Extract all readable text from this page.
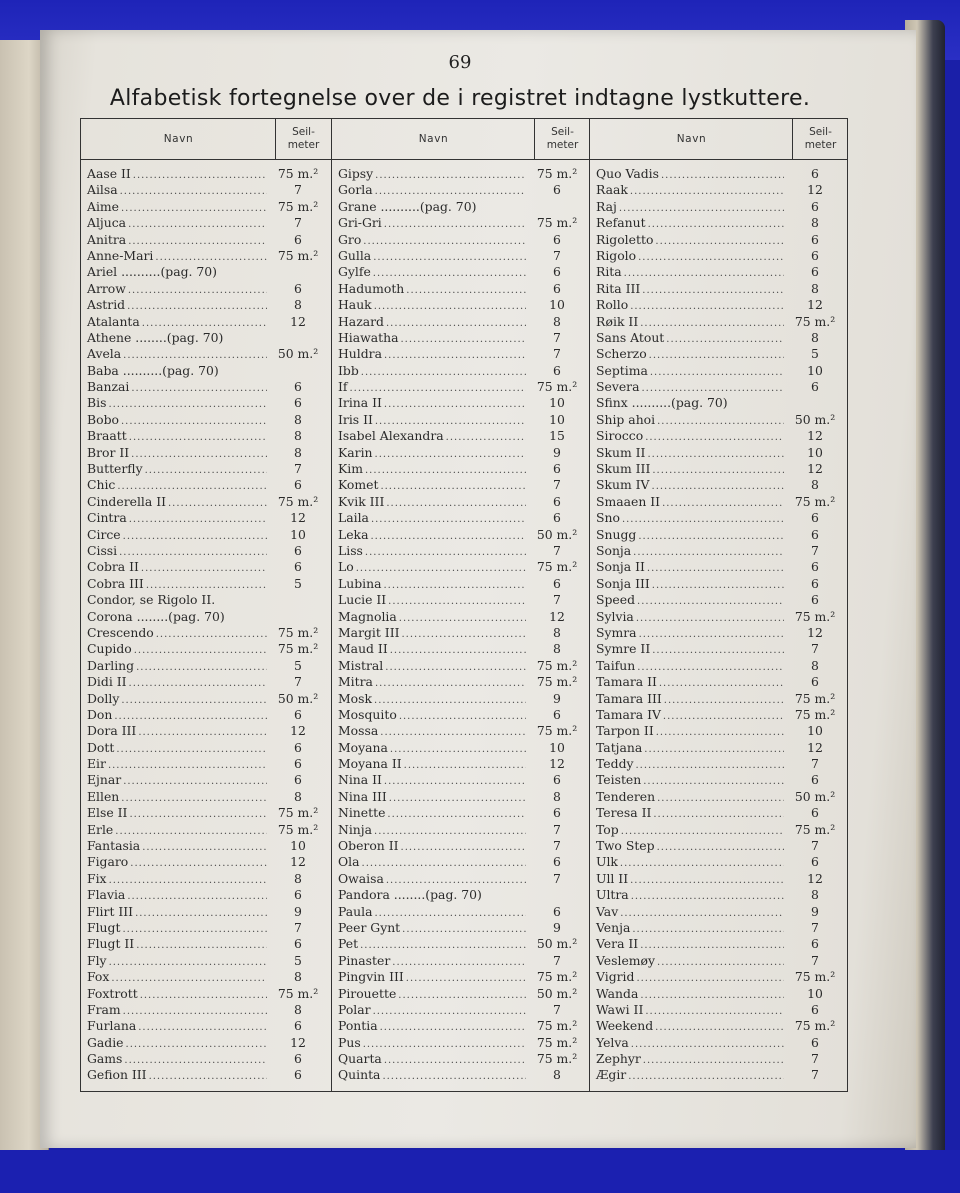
69
Alfabetisk fortegnelse over de i registret indtagne lystkuttere.
Navn
Seil-
meter
Aase II .....	75 m.²
Ailsa .....	7
Aime .....	75 m.²
Aljuca .....	7
Anitra .....	6
Anne-Mari .....	75 m.²
Ariel ..........(pag. 70)
Arrow .....	6
Astrid .....	8
Atalanta .....	12
Athene ........(pag. 70)
Avela .....	50 m.²
Baba ..........(pag. 70)
Banzai .....	6
Bis .....	6
Bobo .....	8
Braatt .....	8
Bror II .....	8
Butterfly .....	7
Chic .....	6
Cinderella II .....	75 m.²
Cintra .....	12
Circe .....	10
Cissi .....	6
Cobra II .....	6
Cobra III .....	5
Condor, se Rigolo II.
Corona ........(pag. 70)
Crescendo .....	75 m.²
Cupido .....	75 m.²
Darling .....	5
Didi II .....	7
Dolly .....	50 m.²
Don .....	6
Dora III .....	12
Dott .....	6
Eir .....	6
Ejnar .....	6
Ellen .....	8
Else II .....	75 m.²
Erle .....	75 m.²
Fantasia .....	10
Figaro .....	12
Fix .....	8
Flavia .....	6
Flirt III .....	9
Flugt .....	7
Flugt II .....	6
Fly .....	5
Fox .....	8
Foxtrott .....	75 m.²
Fram .....	8
Furlana .....	6
Gadie .....	12
Gams .....	6
Gefion III .....	6
Navn
Seil-
meter
Gipsy .....	75 m.²
Gorla .....	6
Grane ..........(pag. 70)
Gri-Gri .....	75 m.²
Gro .....	6
Gulla .....	7
Gylfe .....	6
Hadumoth .....	6
Hauk .....	10
Hazard .....	8
Hiawatha .....	7
Huldra .....	7
Ibb .....	6
If .....	75 m.²
Irina II .....	10
Iris II .....	10
Isabel Alexandra .....	15
Karin .....	9
Kim .....	6
Komet .....	7
Kvik III .....	6
Laila .....	6
Leka .....	50 m.²
Liss .....	7
Lo .....	75 m.²
Lubina .....	6
Lucie II .....	7
Magnolia .....	12
Margit III .....	8
Maud II .....	8
Mistral .....	75 m.²
Mitra .....	75 m.²
Mosk .....	9
Mosquito .....	6
Mossa .....	75 m.²
Moyana .....	10
Moyana II .....	12
Nina II .....	6
Nina III .....	8
Ninette .....	6
Ninja .....	7
Oberon II .....	7
Ola .....	6
Owaisa .....	7
Pandora ........(pag. 70)
Paula .....	6
Peer Gynt .....	9
Pet .....	50 m.²
Pinaster .....	7
Pingvin III .....	75 m.²
Pirouette .....	50 m.²
Polar .....	7
Pontia .....	75 m.²
Pus .....	75 m.²
Quarta .....	75 m.²
Quinta .....	8
Navn
Seil-
meter
Quo Vadis .....	6
Raak .....	12
Raj .....	6
Refanut .....	8
Rigoletto .....	6
Rigolo .....	6
Rita .....	6
Rita III .....	8
Rollo .....	12
Røik II .....	75 m.²
Sans Atout .....	8
Scherzo .....	5
Septima .....	10
Severa .....	6
Sfinx ..........(pag. 70)
Ship ahoi .....	50 m.²
Sirocco .....	12
Skum II .....	10
Skum III .....	12
Skum IV .....	8
Smaaen II .....	75 m.²
Sno .....	6
Snugg .....	6
Sonja .....	7
Sonja II .....	6
Sonja III .....	6
Speed .....	6
Sylvia .....	75 m.²
Symra .....	12
Symre II .....	7
Taifun .....	8
Tamara II .....	6
Tamara III .....	75 m.²
Tamara IV .....	75 m.²
Tarpon II .....	10
Tatjana .....	12
Teddy .....	7
Teisten .....	6
Tenderen .....	50 m.²
Teresa II .....	6
Top .....	75 m.²
Two Step .....	7
Ulk .....	6
Ull II .....	12
Ultra .....	8
Vav .....	9
Venja .....	7
Vera II .....	6
Veslemøy .....	7
Vigrid .....	75 m.²
Wanda .....	10
Wawi II .....	6
Weekend .....	75 m.²
Yelva .....	6
Zephyr .....	7
Ægir .....	7
